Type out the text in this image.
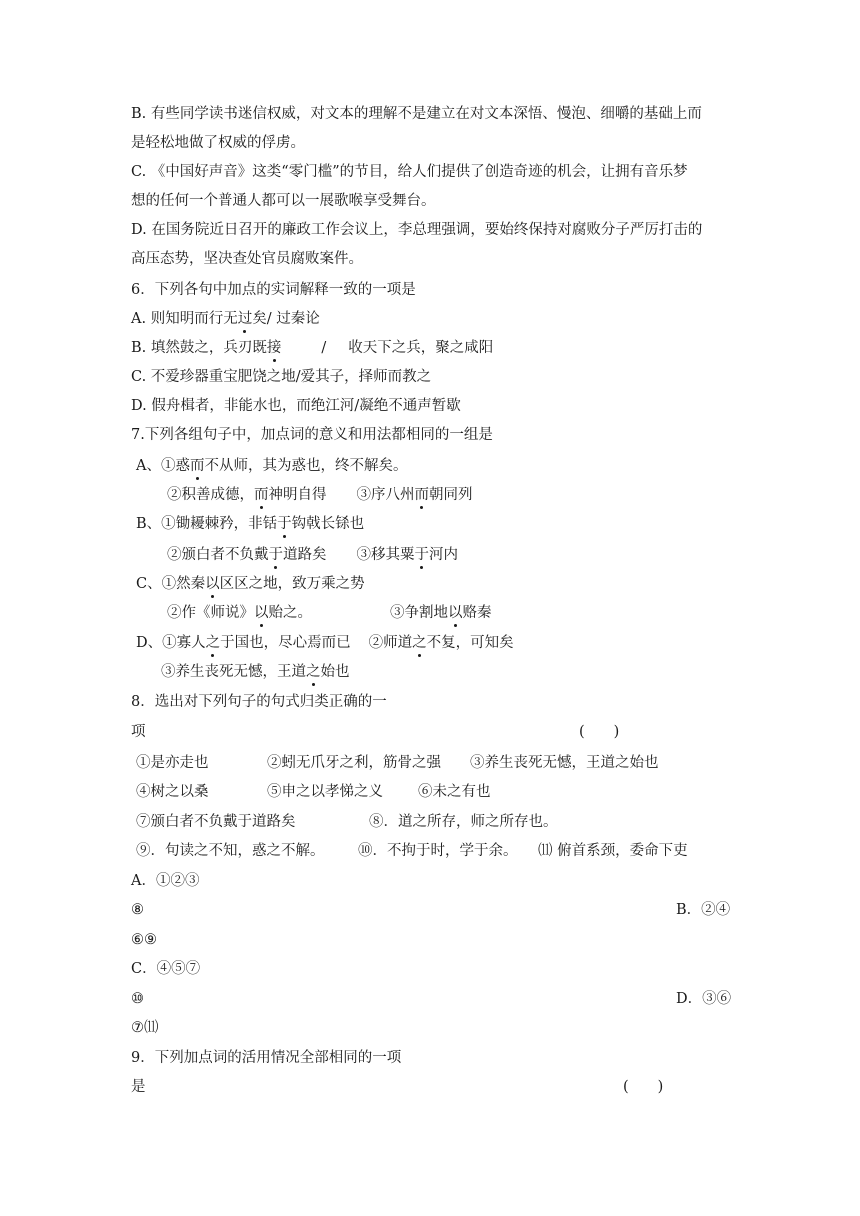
B. 有些同学读书迷信权威，对文本的理解不是建立在对文本深悟、慢泡、细嚼的基础上而
是轻松地做了权威的俘虏。
C. 《中国好声音》这类“零门槛”的节目，给人们提供了创造奇迹的机会，让拥有音乐梦
想的任何一个普通人都可以一展歌喉享受舞台。
D. 在国务院近日召开的廉政工作会议上，李总理强调，要始终保持对腐败分子严厉打击的
高压态势，坚决查处官员腐败案件。
6．下列各句中加点的实词解释一致的一项是
A. 则知明而行无过矣/ 过秦论
B. 填然鼓之，兵刃既接	/ 收天下之兵，聚之咸阳
C. 不爱珍器重宝肥饶之地/爱其子，择师而教之
D. 假舟楫者，非能水也，而绝江河/凝绝不通声暂歇
7.下列各组句子中，加点词的意义和用法都相同的一组是
A、①惑而不从师，其为惑也，终不解矣。
②积善成德，而神明自得 ③序八州而朝同列
B、①锄耰棘矜，非铦于钩戟长铩也
②颁白者不负戴于道路矣 ③移其粟于河内
C、①然秦以区区之地，致万乘之势
②作《师说》以贻之。	③争割地以赂秦
D、①寡人之于国也，尽心焉而已 ②师道之不复，可知矣
③养生丧死无憾，王道之始也
8．选出对下列句子的句式归类正确的一
项	(　　)
①是亦走也	②蚓无爪牙之利，筋骨之强 ③养生丧死无憾，王道之始也
④树之以桑	⑤申之以孝悌之义 ⑥未之有也
⑦颁白者不负戴于道路矣	⑧．道之所存，师之所存也。
⑨．句读之不知，惑之不解。 ⑩．不拘于时，学于余。 ⑾ 俯首系颈，委命下吏
A．①②③
⑧	B．②④
⑥⑨
C．④⑤⑦
⑩	D．③⑥
⑦⑾
9．下列加点词的活用情况全部相同的一项
是	(　　)
